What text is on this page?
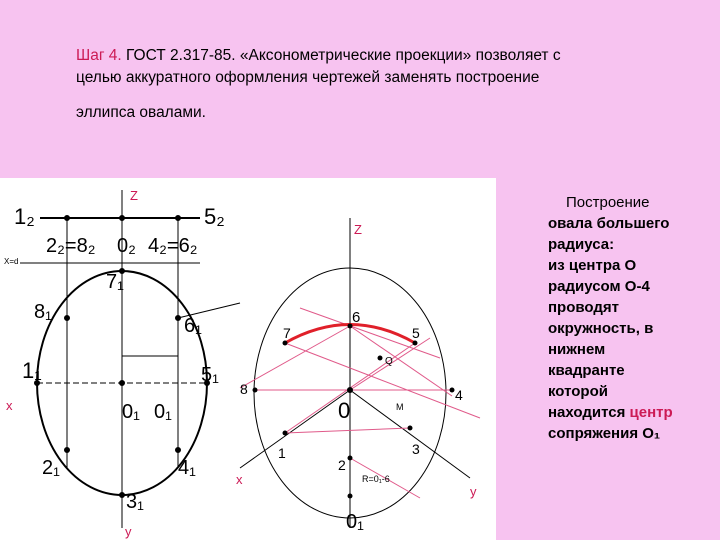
Шаг 4. ГОСТ 2.317-85. «Аксонометрические проекции» позволяет с
целью аккуратного оформления чертежей заменять построение
эллипса овалами.
Z
y
x
X=d
1₂	5₂
2₂=8₂ 0₂ 4₂=6₂
7₁
8₁
6₁
1₁	5₁
0₁ 0₁
2₁	4₁
3₁
Z
x
y
6
7	5
8	4
0
1	3
2
R=0₁-6
0₁
Q
M
Построение
овала большего
радиуса:
из центра О
радиусом О-4
проводят
окружность, в
нижнем
квадранте
которой
находится центр
сопряжения О₁
